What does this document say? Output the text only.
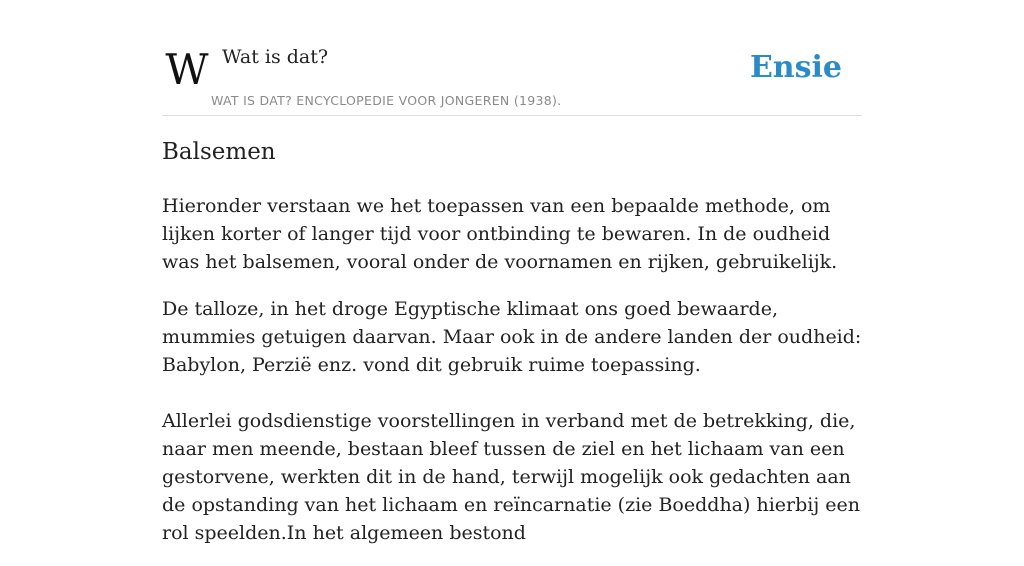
W Wat is dat?
WAT IS DAT? ENCYCLOPEDIE VOOR JONGEREN (1938).
Ensie
Balsemen

Hieronder verstaan we het toepassen van een bepaalde methode, om lijken korter of langer tijd voor ontbinding te bewaren. In de oudheid was het balsemen, vooral onder de voornamen en rijken, gebruikelijk.

De talloze, in het droge Egyptische klimaat ons goed bewaarde, mummies getuigen daarvan. Maar ook in de andere landen der oudheid: Babylon, Perzië enz. vond dit gebruik ruime toepassing.

Allerlei godsdienstige voorstellingen in verband met de betrekking, die, naar men meende, bestaan bleef tussen de ziel en het lichaam van een gestorvene, werkten dit in de hand, terwijl mogelijk ook gedachten aan de opstanding van het lichaam en reïncarnatie (zie Boeddha) hierbij een rol speelden.In het algemeen bestond
